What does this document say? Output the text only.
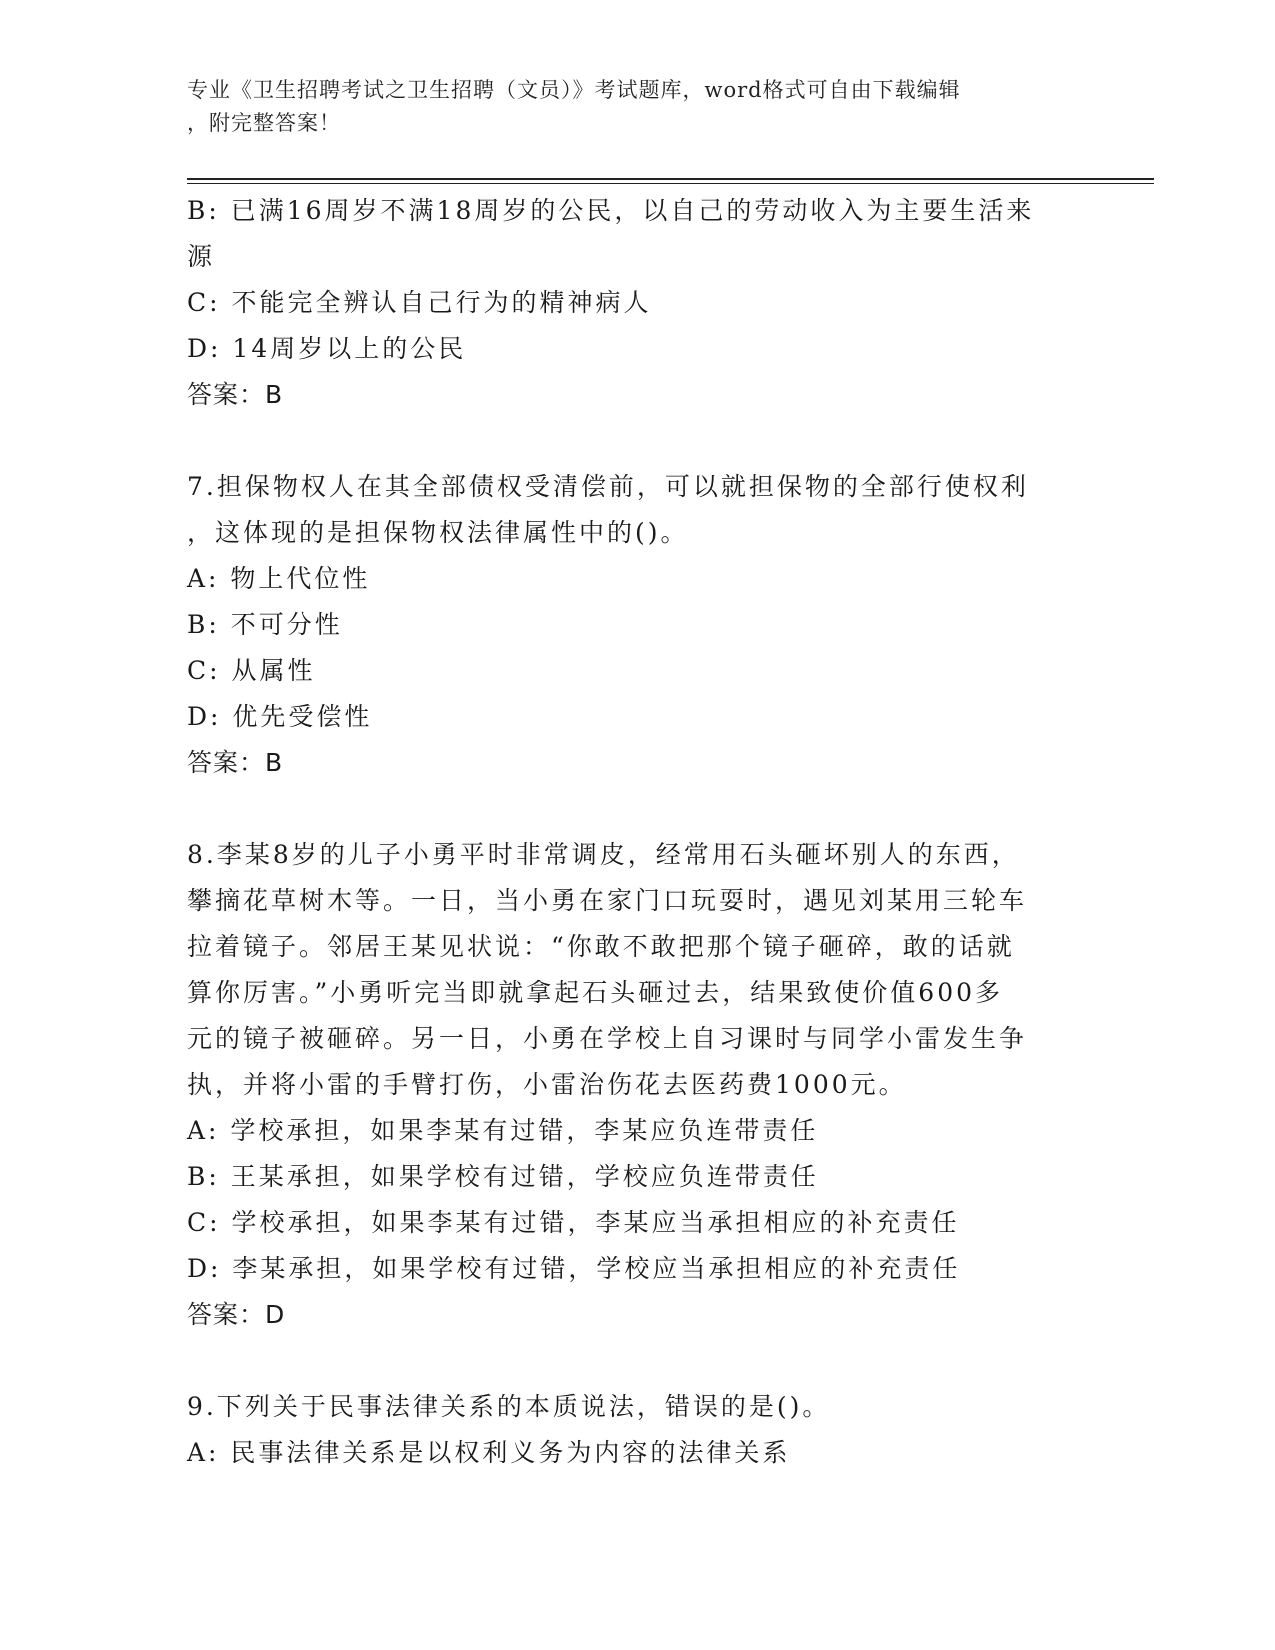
专业《卫生招聘考试之卫生招聘（文员）》考试题库，word格式可自由下载编辑
，附完整答案！
B: 已满16周岁不满18周岁的公民，以自己的劳动收入为主要生活来
源
C: 不能完全辨认自己行为的精神病人
D: 14周岁以上的公民
答案：B
7.担保物权人在其全部债权受清偿前，可以就担保物的全部行使权利
，这体现的是担保物权法律属性中的()。
A: 物上代位性
B: 不可分性
C: 从属性
D: 优先受偿性
答案：B
8.李某8岁的儿子小勇平时非常调皮，经常用石头砸坏别人的东西，
攀摘花草树木等。一日，当小勇在家门口玩耍时，遇见刘某用三轮车
拉着镜子。邻居王某见状说：“你敢不敢把那个镜子砸碎，敢的话就
算你厉害。”小勇听完当即就拿起石头砸过去，结果致使价值600多
元的镜子被砸碎。另一日，小勇在学校上自习课时与同学小雷发生争
执，并将小雷的手臂打伤，小雷治伤花去医药费1000元。
A: 学校承担，如果李某有过错，李某应负连带责任
B: 王某承担，如果学校有过错，学校应负连带责任
C: 学校承担，如果李某有过错，李某应当承担相应的补充责任
D: 李某承担，如果学校有过错，学校应当承担相应的补充责任
答案：D
9.下列关于民事法律关系的本质说法，错误的是()。
A: 民事法律关系是以权利义务为内容的法律关系
